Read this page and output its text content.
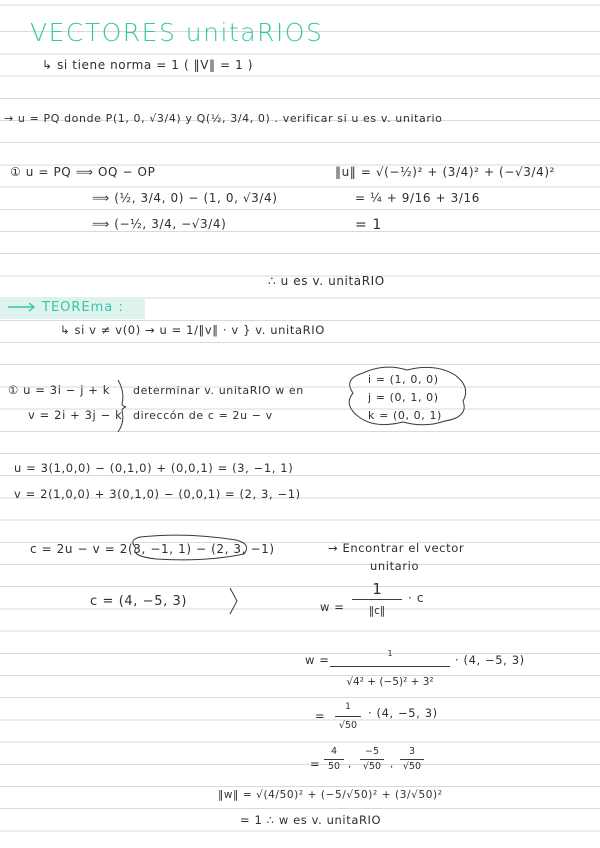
VECTORES unitaRIOS
↳ si tiene norma = 1 ( ‖V‖ = 1 )
→ u = PQ donde P(1, 0, √3/4) y Q(½, 3/4, 0) . verificar si u es v. unitario
① u = PQ ⟹ OQ − OP
⟹ (½, 3/4, 0) − (1, 0, √3/4)
⟹ (−½, 3/4, −√3/4)
‖u‖ = √(−½)² + (3/4)² + (−√3/4)²
= ¼ + 9/16 + 3/16
= 1
∴ u es v. unitaRIO
TEOREma :
↳ si v ≠ v(0) → u = 1/‖v‖ · v } v. unitaRIO
① u = 3i − j + k
v = 2i + 3j − k
determinar v. unitaRIO w en
direccón de c = 2u − v
i = (1, 0, 0)
j = (0, 1, 0)
k = (0, 0, 1)
u = 3(1,0,0) − (0,1,0) + (0,0,1) = (3, −1, 1)
v = 2(1,0,0) + 3(0,1,0) − (0,0,1) = (2, 3, −1)
c = 2u − v = 2(3, −1, 1) − (2, 3, −1)	→ Encontrar el vector
unitario
c = (4, −5, 3)	w =
1
‖c‖
· c
w =	1
√4² + (−5)² + 3²
· (4, −5, 3)
=
1
√50
· (4, −5, 3)
=
4
50 ,
−5
√50 ,
3
√50
‖w‖ = √(4/50)² + (−5/√50)² + (3/√50)²
= 1 ∴ w es v. unitaRIO
